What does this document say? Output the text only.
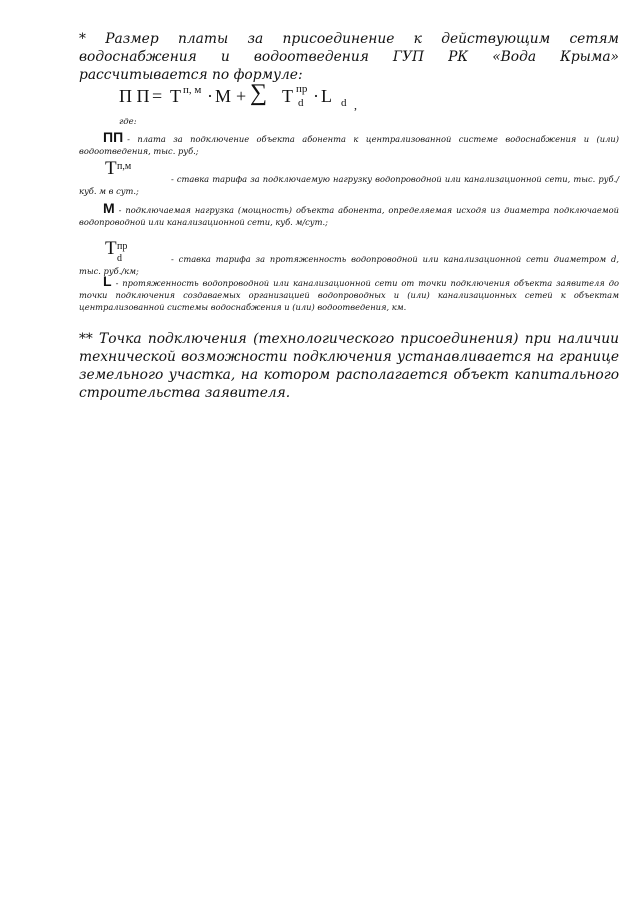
* Размер платы за присоединение к действующим сетям водоснабжения и водоотведения ГУП РК «Вода Крыма» рассчитывается по формуле:
П П = Т п, м · M + ∑ Т пр
d · L d ,
где:
ПП - плата за подключение объекта абонента к централизованной системе водоснабжения и (или) водоотведения, тыс. руб.;
Т п,м
- ставка тарифа за подключаемую нагрузку водопроводной или канализационной сети, тыс. руб./куб. м в сут.;
М - подключаемая нагрузка (мощность) объекта абонента, определяемая исходя из диаметра подключаемой водопроводной или канализационной сети, куб. м/сут.;
Т пр
d	- ставка тарифа за протяженность водопроводной или канализационной сети диаметром d, тыс. руб./км;
L - протяженность водопроводной или канализационной сети от точки подключения объекта заявителя до точки подключения создаваемых организацией водопроводных и (или) канализационных сетей к объектам централизованной системы водоснабжения и (или) водоотведения, км.
** Точка подключения (технологического присоединения) при наличии технической возможности подключения устанавливается на границе земельного участка, на котором располагается объект капитального строительства заявителя.
